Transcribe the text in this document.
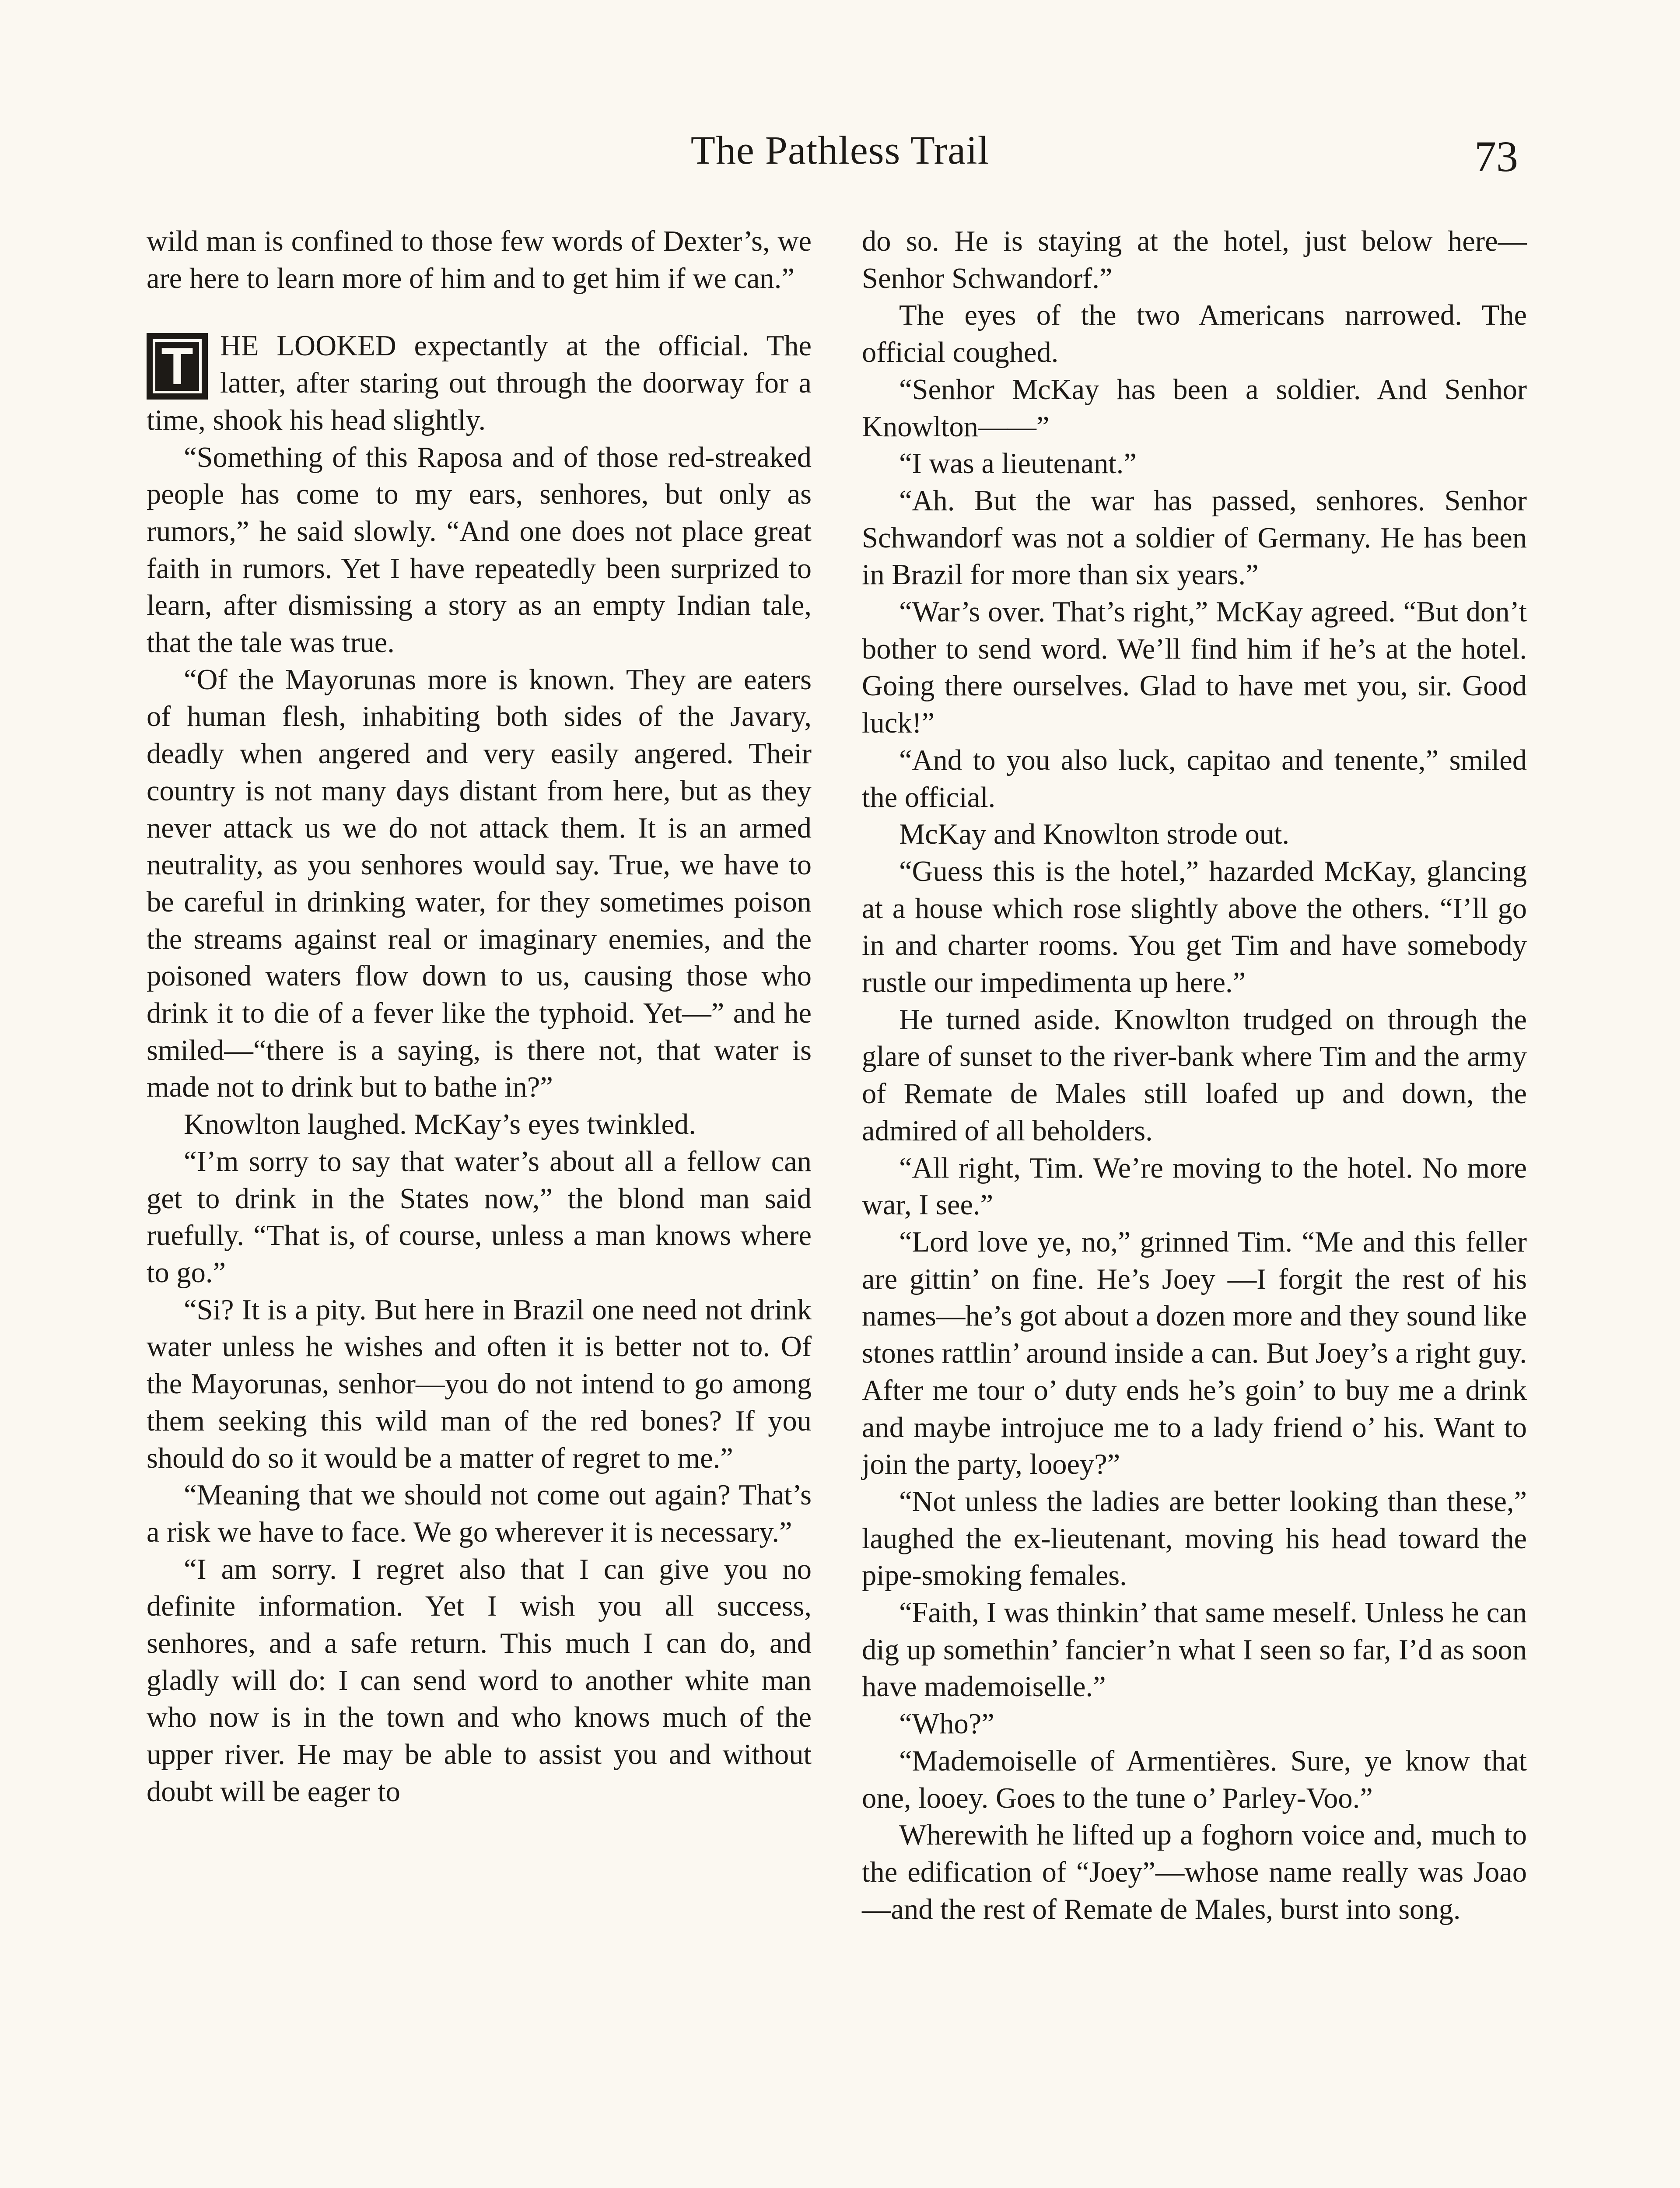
The Pathless Trail	73

wild man is confined to those few words of Dexter’s, we are here to learn more of him and to get him if we can.”

T HE LOOKED expectantly at the official. The latter, after staring out through the doorway for a time, shook his head slightly.

“Something of this Raposa and of those red-streaked people has come to my ears, senhores, but only as rumors,” he said slowly. “And one does not place great faith in rumors. Yet I have repeatedly been surprized to learn, after dismissing a story as an empty Indian tale, that the tale was true.

“Of the Mayorunas more is known. They are eaters of human flesh, inhabiting both sides of the Javary, deadly when angered and very easily angered. Their country is not many days distant from here, but as they never attack us we do not attack them. It is an armed neutrality, as you senhores would say. True, we have to be careful in drinking water, for they sometimes poison the streams against real or imaginary enemies, and the poisoned waters flow down to us, causing those who drink it to die of a fever like the typhoid. Yet—” and he smiled—“there is a saying, is there not, that water is made not to drink but to bathe in?”

Knowlton laughed. McKay’s eyes twinkled.

“I’m sorry to say that water’s about all a fellow can get to drink in the States now,” the blond man said ruefully. “That is, of course, unless a man knows where to go.”

“Si? It is a pity. But here in Brazil one need not drink water unless he wishes and often it is better not to. Of the Mayorunas, senhor—you do not intend to go among them seeking this wild man of the red bones? If you should do so it would be a matter of regret to me.”

“Meaning that we should not come out again? That’s a risk we have to face. We go wherever it is necessary.”

“I am sorry. I regret also that I can give you no definite information. Yet I wish you all success, senhores, and a safe return. This much I can do, and gladly will do: I can send word to another white man who now is in the town and who knows much of the upper river. He may be able to assist you and without doubt will be eager to

do so. He is staying at the hotel, just below here—Senhor Schwandorf.”

The eyes of the two Americans narrowed. The official coughed.

“Senhor McKay has been a soldier. And Senhor Knowlton——”

“I was a lieutenant.”

“Ah. But the war has passed, senhores. Senhor Schwandorf was not a soldier of Germany. He has been in Brazil for more than six years.”

“War’s over. That’s right,” McKay agreed. “But don’t bother to send word. We’ll find him if he’s at the hotel. Going there ourselves. Glad to have met you, sir. Good luck!”

“And to you also luck, capitao and tenente,” smiled the official.

McKay and Knowlton strode out.

“Guess this is the hotel,” hazarded McKay, glancing at a house which rose slightly above the others. “I’ll go in and charter rooms. You get Tim and have somebody rustle our impedimenta up here.”

He turned aside. Knowlton trudged on through the glare of sunset to the river-bank where Tim and the army of Remate de Males still loafed up and down, the admired of all beholders.

“All right, Tim. We’re moving to the hotel. No more war, I see.”

“Lord love ye, no,” grinned Tim. “Me and this feller are gittin’ on fine. He’s Joey —I forgit the rest of his names—he’s got about a dozen more and they sound like stones rattlin’ around inside a can. But Joey’s a right guy. After me tour o’ duty ends he’s goin’ to buy me a drink and maybe introjuce me to a lady friend o’ his. Want to join the party, looey?”

“Not unless the ladies are better looking than these,” laughed the ex-lieutenant, moving his head toward the pipe-smoking females.

“Faith, I was thinkin’ that same meself. Unless he can dig up somethin’ fancier’n what I seen so far, I’d as soon have mademoiselle.”

“Who?”

“Mademoiselle of Armentières. Sure, ye know that one, looey. Goes to the tune o’ Parley-Voo.”

Wherewith he lifted up a foghorn voice and, much to the edification of “Joey”—whose name really was Joao—and the rest of Remate de Males, burst into song.
